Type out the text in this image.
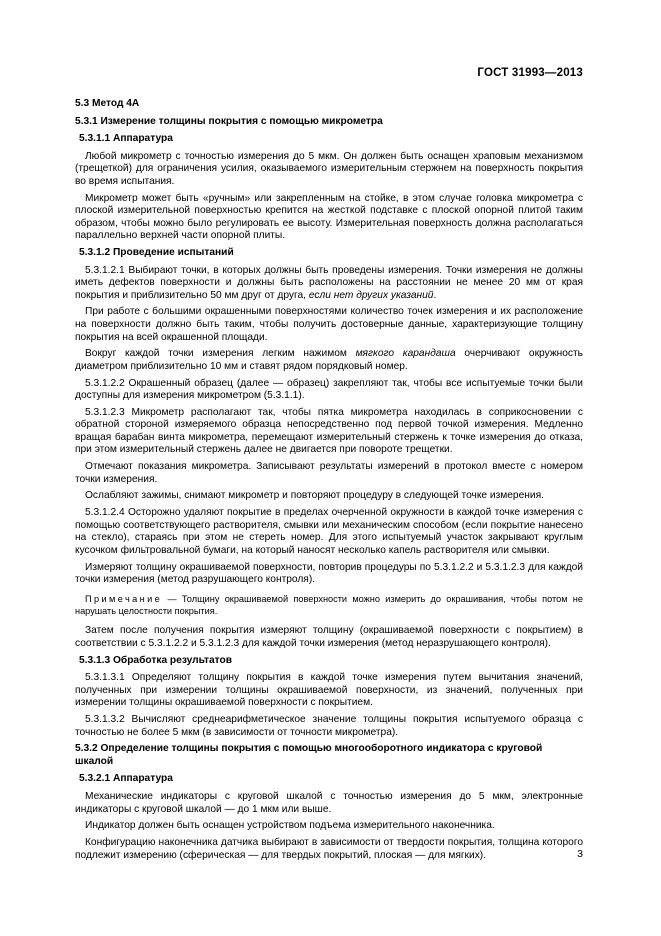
ГОСТ 31993—2013
5.3 Метод 4А
5.3.1 Измерение толщины покрытия с помощью микрометра
5.3.1.1 Аппаратура

Любой микрометр с точностью измерения до 5 мкм. Он должен быть оснащен храповым механизмом (трещеткой) для ограничения усилия, оказываемого измерительным стержнем на поверхность покрытия во время испытания.

Микрометр может быть «ручным» или закрепленным на стойке, в этом случае головка микрометра с плоской измерительной поверхностью крепится на жесткой подставке с плоской опорной плитой таким образом, чтобы можно было регулировать ее высоту. Измерительная поверхность должна располагаться параллельно верхней части опорной плиты.

5.3.1.2 Проведение испытаний

5.3.1.2.1 Выбирают точки, в которых должны быть проведены измерения. Точки измерения не должны иметь дефектов поверхности и должны быть расположены на расстоянии не менее 20 мм от края покрытия и приблизительно 50 мм друг от друга, если нет других указаний.

При работе с большими окрашенными поверхностями количество точек измерения и их расположение на поверхности должно быть таким, чтобы получить достоверные данные, характеризующие толщину покрытия на всей окрашенной площади.

Вокруг каждой точки измерения легким нажимом мягкого карандаша очерчивают окружность диаметром приблизительно 10 мм и ставят рядом порядковый номер.

5.3.1.2.2 Окрашенный образец (далее — образец) закрепляют так, чтобы все испытуемые точки были доступны для измерения микрометром (5.3.1.1).

5.3.1.2.3 Микрометр располагают так, чтобы пятка микрометра находилась в соприкосновении с обратной стороной измеряемого образца непосредственно под первой точкой измерения. Медленно вращая барабан винта микрометра, перемещают измерительный стержень к точке измерения до отказа, при этом измерительный стержень далее не двигается при повороте трещетки.

Отмечают показания микрометра. Записывают результаты измерений в протокол вместе с номером точки измерения.

Ослабляют зажимы, снимают микрометр и повторяют процедуру в следующей точке измерения.

5.3.1.2.4 Осторожно удаляют покрытие в пределах очерченной окружности в каждой точке измерения с помощью соответствующего растворителя, смывки или механическим способом (если покрытие нанесено на стекло), стараясь при этом не стереть номер. Для этого испытуемый участок закрывают круглым кусочком фильтровальной бумаги, на который наносят несколько капель растворителя или смывки.

Измеряют толщину окрашиваемой поверхности, повторив процедуры по 5.3.1.2.2 и 5.3.1.2.3 для каждой точки измерения (метод разрушающего контроля).

Примечание — Толщину окрашиваемой поверхности можно измерить до окрашивания, чтобы потом не нарушать целостности покрытия.

Затем после получения покрытия измеряют толщину (окрашиваемой поверхности с покрытием) в соответствии с 5.3.1.2.2 и 5.3.1.2.3 для каждой точки измерения (метод неразрушающего контроля).

5.3.1.3 Обработка результатов

5.3.1.3.1 Определяют толщину покрытия в каждой точке измерения путем вычитания значений, полученных при измерении толщины окрашиваемой поверхности, из значений, полученных при измерении толщины окрашиваемой поверхности с покрытием.

5.3.1.3.2 Вычисляют среднеарифметическое значение толщины покрытия испытуемого образца с точностью не более 5 мкм (в зависимости от точности микрометра).

5.3.2 Определение толщины покрытия с помощью многооборотного индикатора с круговой шкалой
5.3.2.1 Аппаратура

Механические индикаторы с круговой шкалой с точностью измерения до 5 мкм, электронные индикаторы с круговой шкалой — до 1 мкм или выше.

Индикатор должен быть оснащен устройством подъема измерительного наконечника.

Конфигурацию наконечника датчика выбирают в зависимости от твердости покрытия, толщина которого подлежит измерению (сферическая — для твердых покрытий, плоская — для мягких).	3
